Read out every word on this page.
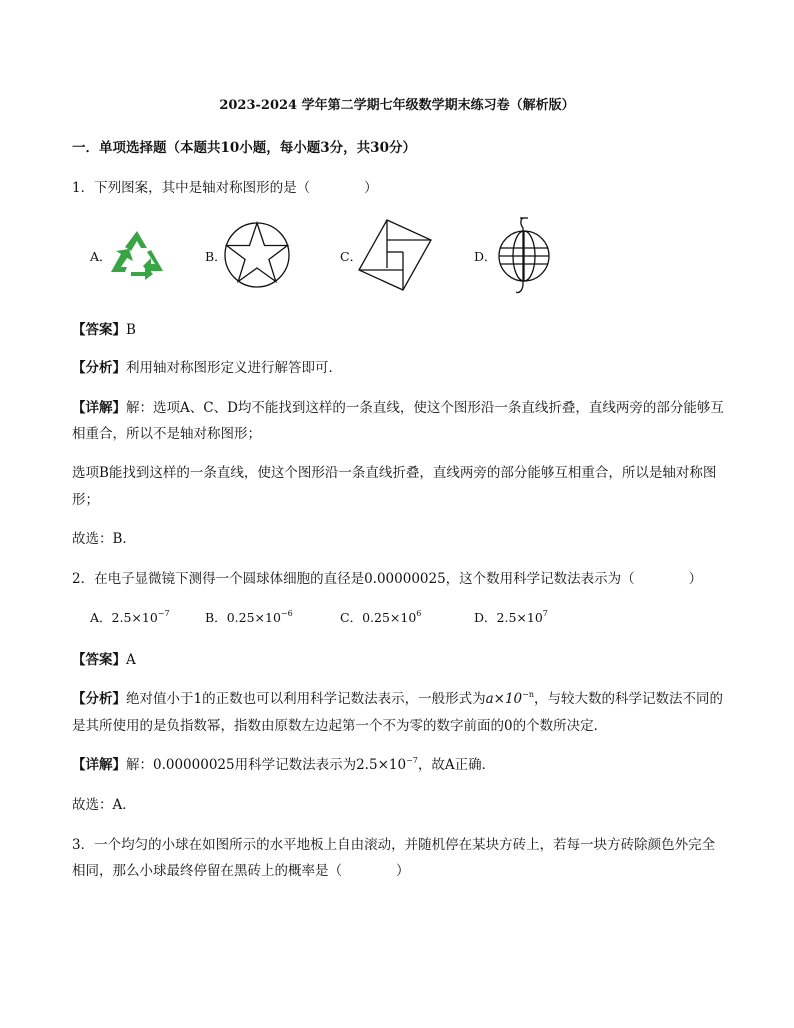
2023-2024 学年第二学期七年级数学期末练习卷（解析版）
一．单项选择题（本题共10小题，每小题3分，共30分）
1．下列图案，其中是轴对称图形的是（　　　　）
A．	B．	C．	D．
【答案】B
【分析】利用轴对称图形定义进行解答即可．
【详解】解：选项A、C、D均不能找到这样的一条直线，使这个图形沿一条直线折叠，直线两旁的部分能够互
相重合，所以不是轴对称图形；
选项B能找到这样的一条直线，使这个图形沿一条直线折叠，直线两旁的部分能够互相重合，所以是轴对称图
形；
故选：B．
2．在电子显微镜下测得一个圆球体细胞的直径是0.00000025，这个数用科学记数法表示为（　　　　）
A．$2.5\times 10^{-7}$	B．$0.25\times 10^{-6}$	C．$0.25\times 10^6$	D．$2.5\times 10^7$
【答案】A
【分析】绝对值小于1的正数也可以利用科学记数法表示，一般形式为$a\times 10^{-n}$，与较大数的科学记数法不同的
是其所使用的是负指数幂，指数由原数左边起第一个不为零的数字前面的0的个数所决定．
【详解】解：0.00000025用科学记数法表示为$2.5\times 10^{-7}$，故A正确．
故选：A．
3．一个均匀的小球在如图所示的水平地板上自由滚动，并随机停在某块方砖上，若每一块方砖除颜色外完全
相同，那么小球最终停留在黑砖上的概率是（　　　　）
